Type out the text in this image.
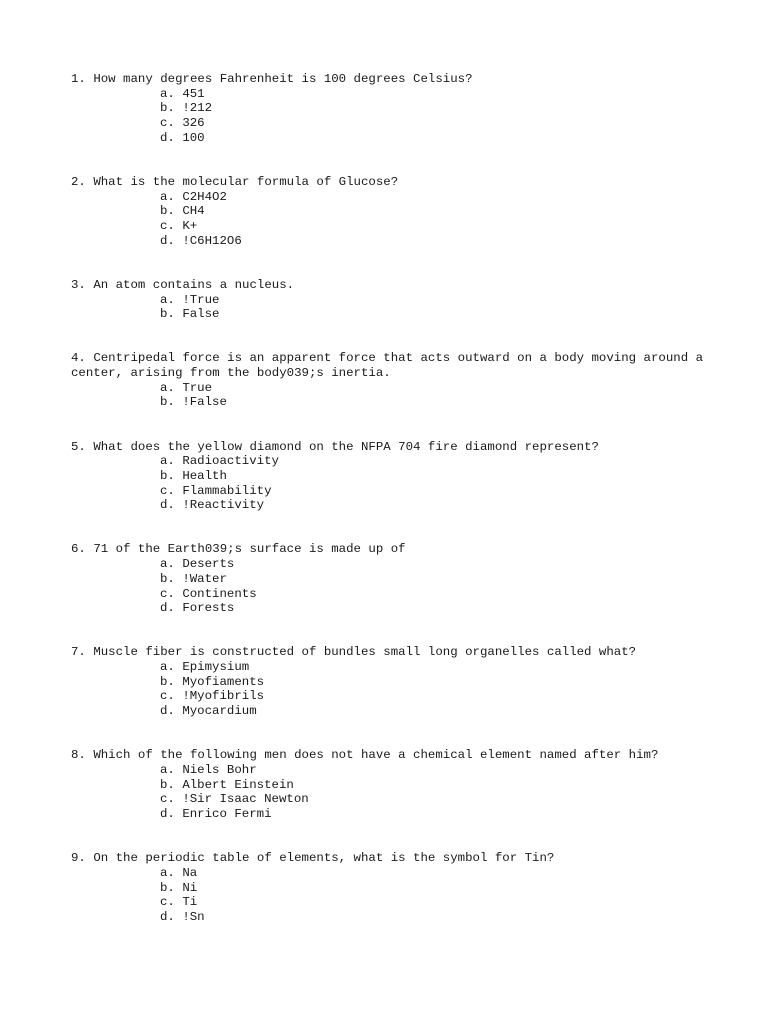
1. How many degrees Fahrenheit is 100 degrees Celsius?
a. 451
b. !212
c. 326
d. 100
2. What is the molecular formula of Glucose?
a. C2H4O2
b. CH4
c. K+
d. !C6H12O6
3. An atom contains a nucleus.
a. !True
b. False
4. Centripedal force is an apparent force that acts outward on a body moving around a center, arising from the body039;s inertia.
a. True
b. !False
5. What does the yellow diamond on the NFPA 704 fire diamond represent?
a. Radioactivity
b. Health
c. Flammability
d. !Reactivity
6. 71 of the Earth039;s surface is made up of
a. Deserts
b. !Water
c. Continents
d. Forests
7. Muscle fiber is constructed of bundles small long organelles called what?
a. Epimysium
b. Myofiaments
c. !Myofibrils
d. Myocardium
8. Which of the following men does not have a chemical element named after him?
a. Niels Bohr
b. Albert Einstein
c. !Sir Isaac Newton
d. Enrico Fermi
9. On the periodic table of elements, what is the symbol for Tin?
a. Na
b. Ni
c. Ti
d. !Sn
